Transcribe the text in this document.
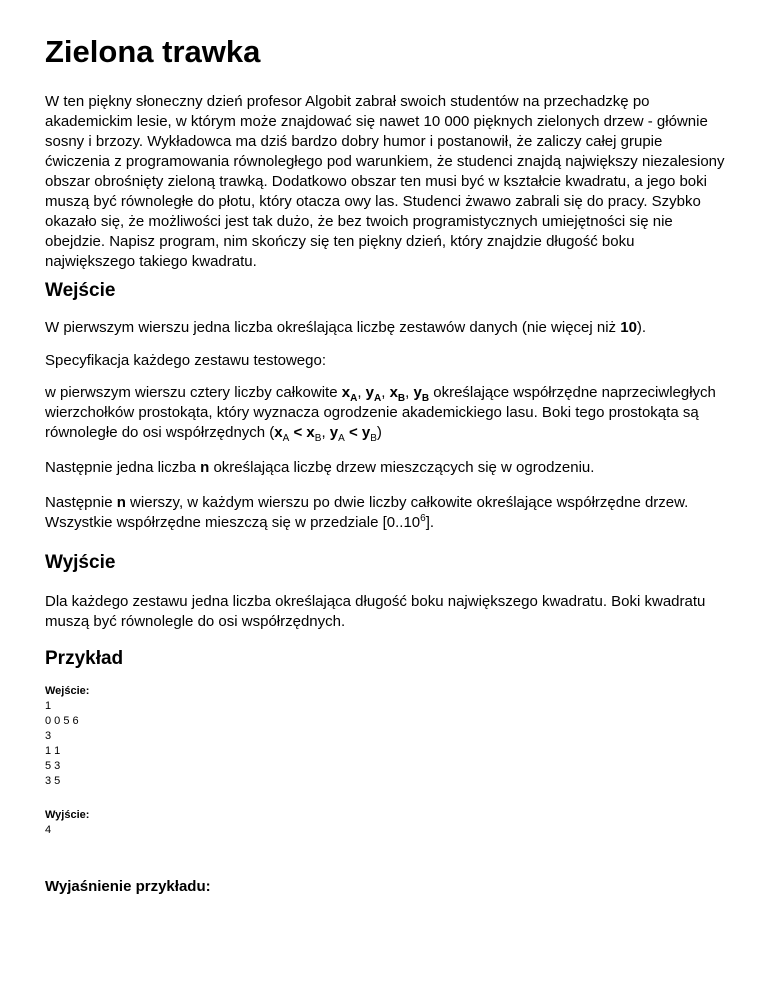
Zielona trawka

W ten piękny słoneczny dzień profesor Algobit zabrał swoich studentów na przechadzkę po akademickim lesie, w którym może znajdować się nawet 10 000 pięknych zielonych drzew - głównie sosny i brzozy. Wykładowca ma dziś bardzo dobry humor i postanowił, że zaliczy całej grupie ćwiczenia z programowania równoległego pod warunkiem, że studenci znajdą największy niezalesiony obszar obrośnięty zieloną trawką. Dodatkowo obszar ten musi być w kształcie kwadratu, a jego boki muszą być równoległe do płotu, który otacza owy las. Studenci żwawo zabrali się do pracy. Szybko okazało się, że możliwości jest tak dużo, że bez twoich programistycznych umiejętności się nie obejdzie. Napisz program, nim skończy się ten piękny dzień, który znajdzie długość boku największego takiego kwadratu.

Wejście

W pierwszym wierszu jedna liczba określająca liczbę zestawów danych (nie więcej niż 10).

Specyfikacja każdego zestawu testowego:

w pierwszym wierszu cztery liczby całkowite $x_A$, $y_A$, $x_B$, $y_B$ określające współrzędne naprzeciwległych wierzchołków prostokąta, który wyznacza ogrodzenie akademickiego lasu. Boki tego prostokąta są równoległe do osi współrzędnych ($x_A < x_B$, $y_A < y_B$)

Następnie jedna liczba n określająca liczbę drzew mieszczących się w ogrodzeniu.

Następnie n wierszy, w każdym wierszu po dwie liczby całkowite określające współrzędne drzew. Wszystkie współrzędne mieszczą się w przedziale [0..10$^6$].

Wyjście

Dla każdego zestawu jedna liczba określająca długość boku największego kwadratu. Boki kwadratu muszą być równolegle do osi współrzędnych.

Przykład
Wejście:
1
0 0 5 6
3
1 1
5 3
3 5
Wyjście:
4
Wyjaśnienie przykładu:
